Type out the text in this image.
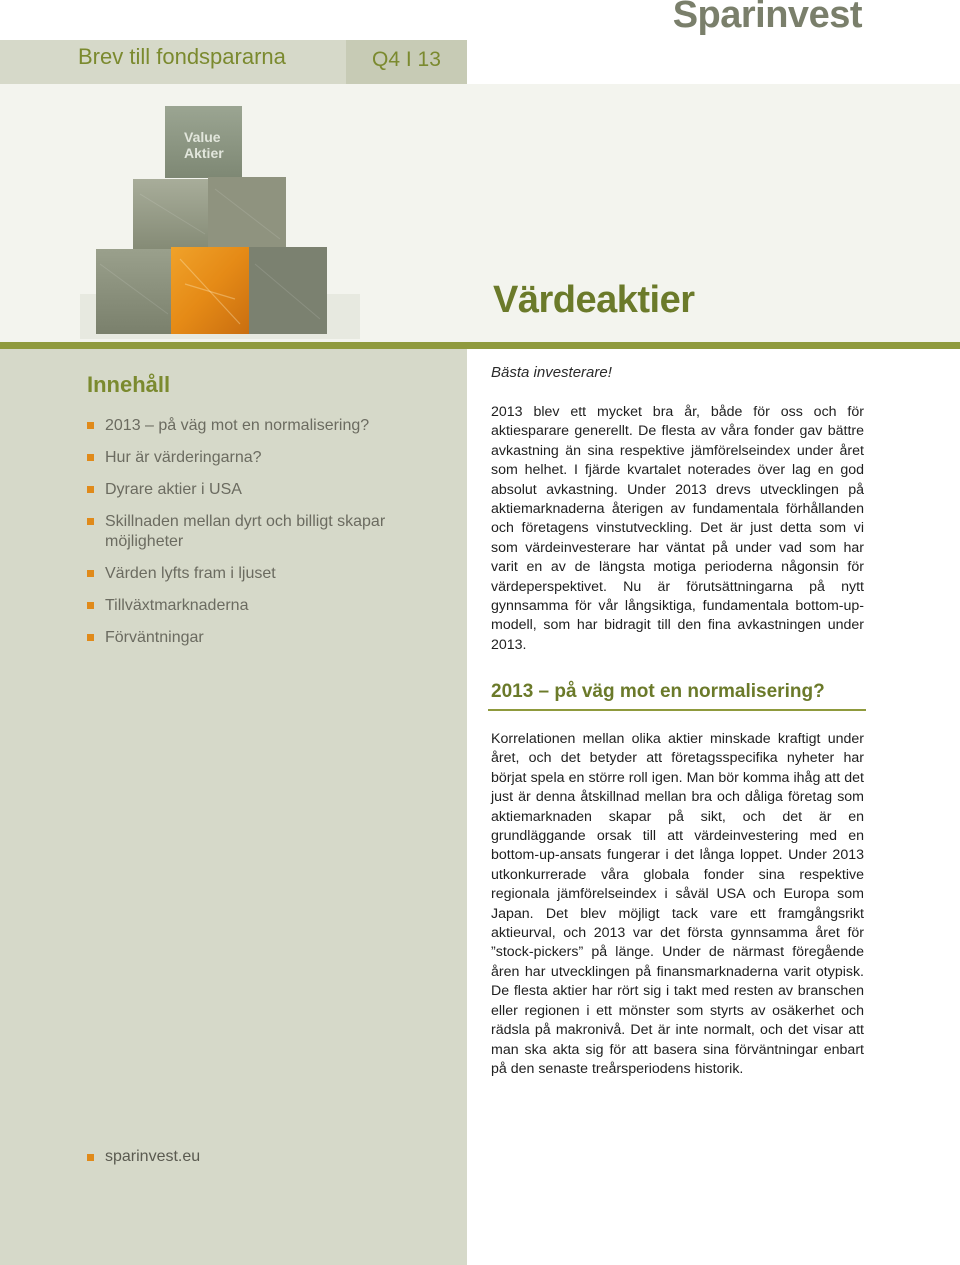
Brev till fondspararna	Q4 I 13
Sparinvest
Value
Aktier
Värdeaktier
Innehåll
2013 – på väg mot en normalisering?
Hur är värderingarna?
Dyrare aktier i USA
Skillnaden mellan dyrt och billigt skapar möjligheter
Värden lyfts fram i ljuset
Tillväxtmarknaderna
Förväntningar
sparinvest.eu
Bästa investerare!

2013 blev ett mycket bra år, både för oss och för aktiesparare generellt. De flesta av våra fonder gav bättre avkastning än sina respektive jämförelseindex under året som helhet. I fjärde kvartalet noterades över lag en god absolut avkastning. Under 2013 drevs utvecklingen på aktiemarknaderna återigen av fundamentala förhållanden och företagens vinstutveckling. Det är just detta som vi som värdeinvesterare har väntat på under vad som har varit en av de längsta motiga perioderna någonsin för värdeperspektivet. Nu är förutsättningarna på nytt gynnsamma för vår långsiktiga, fundamentala bottom-up-modell, som har bidragit till den fina avkastningen under 2013.

2013 – på väg mot en normalisering?

Korrelationen mellan olika aktier minskade kraftigt under året, och det betyder att företagsspecifika nyheter har börjat spela en större roll igen. Man bör komma ihåg att det just är denna åtskillnad mellan bra och dåliga företag som aktiemarknaden skapar på sikt, och det är en grundläggande orsak till att värdeinvestering med en bottom-up-ansats fungerar i det långa loppet. Under 2013 utkonkurrerade våra globala fonder sina respektive regionala jämförelseindex i såväl USA och Europa som Japan. Det blev möjligt tack vare ett framgångsrikt aktieurval, och 2013 var det första gynnsamma året för ”stock-pickers” på länge. Under de närmast föregående åren har utvecklingen på finansmarknaderna varit otypisk. De flesta aktier har rört sig i takt med resten av branschen eller regionen i ett mönster som styrts av osäkerhet och rädsla på makronivå. Det är inte normalt, och det visar att man ska akta sig för att basera sina förväntningar enbart på den senaste treårsperiodens historik.
